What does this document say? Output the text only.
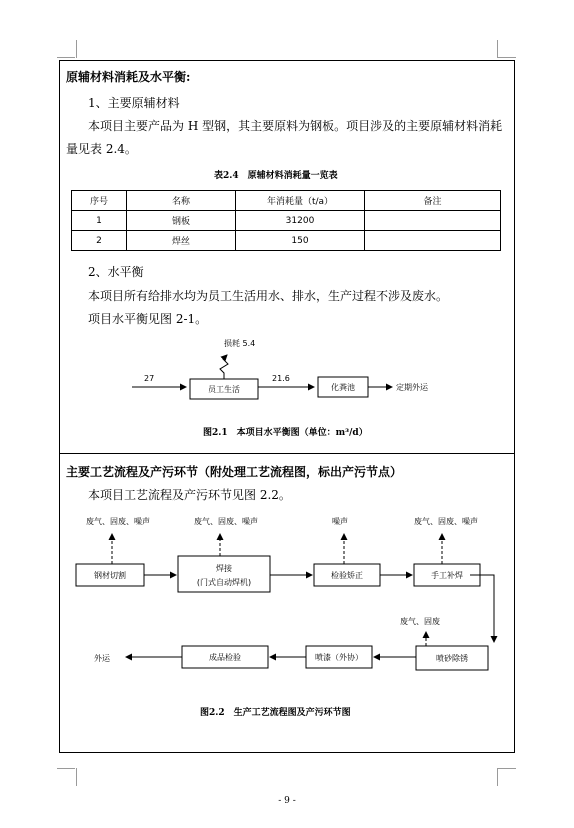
原辅材料消耗及水平衡:
1、主要原辅材料
本项目主要产品为 H 型钢，其主要原料为钢板。项目涉及的主要原辅材料消耗
量见表 2.4。
表2.4　原辅材料消耗量一览表
序号	名称	年消耗量（t/a）	备注
1	钢板	31200	
2	焊丝	150	
2、水平衡
本项目所有给排水均为员工生活用水、排水，生产过程不涉及废水。
项目水平衡见图 2-1。
27
员工生活
损耗 5.4
21.6
化粪池	定期外运
图2.1　本项目水平衡图（单位：m³/d）
主要工艺流程及产污环节（附处理工艺流程图，标出产污节点）
本项目工艺流程及产污环节见图 2.2。
废气、固废、噪声	废气、固废、噪声	噪声	废气、固废、噪声
废气、固废
钢材切割
焊接
(门式自动焊机)
检验矫正	手工补焊
喷砂除锈
喷漆（外协）
成品检验
外运
图2.2　生产工艺流程图及产污环节图
- 9 -
